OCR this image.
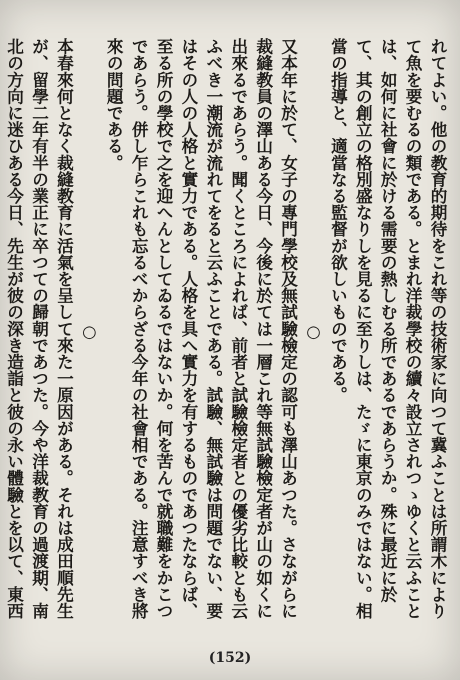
れてよい。他の教育的期待をこれ等の技術家に向つて冀ふことは所謂木によりて魚を要むるの類である。とまれ洋裁學校の續々設立されつゝゆくと云ふことは、如何に社會に於ける需要の熱しむる所であるであらうか。殊に最近に於て、其の創立の格別盛なりしを見るに至りしは、たゞに東京のみではない。相當の指導と、適當なる監督が欲しいものである。

○

又本年に於て、女子の專門學校及無試驗檢定の認可も澤山あつた。さながらに裁縫教員の澤山ある今日、今後に於ては一層これ等無試驗檢定者が山の如くに出來るであらう。聞くところによれば、前者と試驗檢定者との優劣比較とも云ふべき一潮流が流れてをると云ふことである。試驗、無試驗は問題でない、要はその人の人格と實力である。人格を具へ實力を有するものであつたならば、至る所の學校で之を迎へんとしてゐるではないか。何を苦んで就職難をかこつであらう。併し乍らこれも忘るべからざる今年の社會相である。注意すべき將來の問題である。

○

本春來何となく裁縫教育に活氣を呈して來た一原因がある。それは成田順先生が、留學二年有半の業正に卒つての歸朝であつた。今や洋裁教育の過渡期、南北の方向に迷ひある今日、先生が彼の深き造詣と彼の永い體驗とを以て、東西

(152)
